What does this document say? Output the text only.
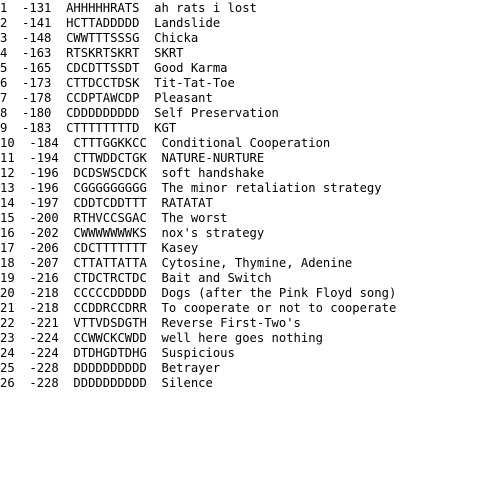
1 -131 AHHHHHRATS ah rats i lost
2 -141 HCTTADDDDD Landslide
3 -148 CWWTTTSSSG Chicka
4 -163 RTSKRTSKRT SKRT
5 -165 CDCDTTSSDT Good Karma
6 -173 CTTDCCTDSK Tit-Tat-Toe
7 -178 CCDPTAWCDP Pleasant
8 -180 CDDDDDDDDD Self Preservation
9 -183 CTTTTTTTTD KGT
10 -184 CTTTGGKKCC Conditional Cooperation
11 -194 CTTWDDCTGK NATURE-NURTURE
12 -196 DCDSWSCDCK soft handshake
13 -196 CGGGGGGGGG The minor retaliation strategy
14 -197 CDDTCDDTTT RATATAT
15 -200 RTHVCCSGAC The worst
16 -202 CWWWWWWWKS nox's strategy
17 -206 CDCTTTTTTT Kasey
18 -207 CTTATTATTA Cytosine, Thymine, Adenine
19 -216 CTDCTRCTDC Bait and Switch
20 -218 CCCCCDDDDD Dogs (after the Pink Floyd song)
21 -218 CCDDRCCDRR To cooperate or not to cooperate
22 -221 VTTVDSDGTH Reverse First-Two's
23 -224 CCWWCKCWDD well here goes nothing
24 -224 DTDHGDTDHG Suspicious
25 -228 DDDDDDDDDD Betrayer
26 -228 DDDDDDDDDD Silence
